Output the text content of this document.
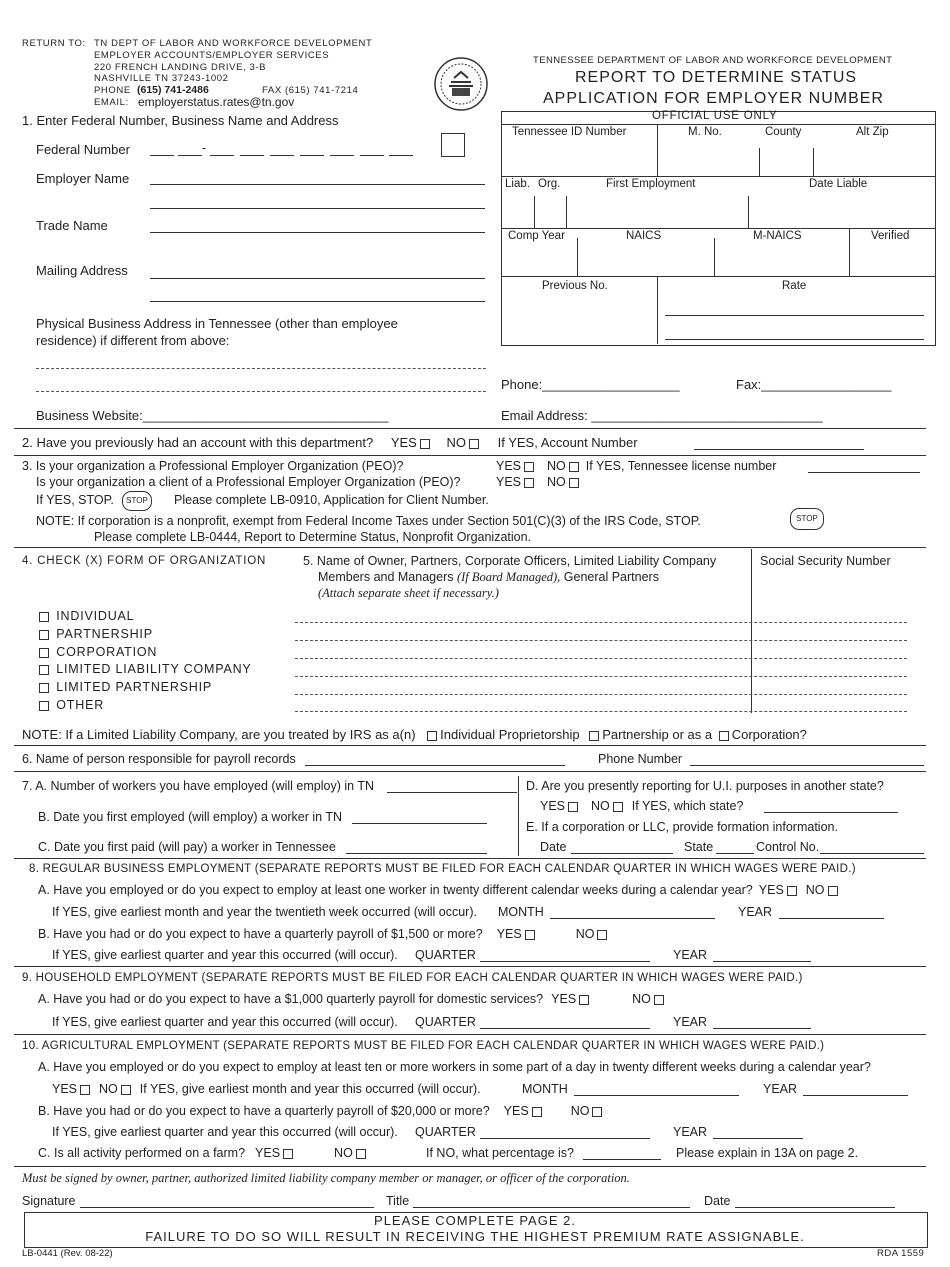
RETURN TO: TN DEPT OF LABOR AND WORKFORCE DEVELOPMENT
EMPLOYER ACCOUNTS/EMPLOYER SERVICES
220 FRENCH LANDING DRIVE, 3-B
NASHVILLE TN 37243-1002
PHONE (615) 741-2486	FAX (615) 741-7214
EMAIL: employerstatus.rates@tn.gov
TENNESSEE DEPARTMENT OF LABOR AND WORKFORCE DEVELOPMENT
REPORT TO DETERMINE STATUS
APPLICATION FOR EMPLOYER NUMBER
OFFICIAL USE ONLY
Tennessee ID Number	M. No.	County	Alt Zip
Liab. Org.	First Employment	Date Liable
Comp Year	NAICS	M-NAICS	Verified
Previous No.	Rate
1. Enter Federal Number, Business Name and Address
Federal Number	-
Employer Name
Trade Name
Mailing Address
Physical Business Address in Tennessee (other than employee
residence) if different from above:
Phone:___________________	Fax:__________________
Business Website:__________________________________	Email Address: ________________________________
2. Have you previously had an account with this department? YES NO If YES, Account Number
3. Is your organization a Professional Employer Organization (PEO)?
Is your organization a client of a Professional Employer Organization (PEO)?
YES NO If YES, Tennessee license number
YES NO
If YES, STOP.	STOP	Please complete LB-0910, Application for Client Number.
NOTE: If corporation is a nonprofit, exempt from Federal Income Taxes under Section 501(C)(3) of the IRS Code, STOP.	STOP
Please complete LB-0444, Report to Determine Status, Nonprofit Organization.
4. CHECK (X) FORM OF ORGANIZATION
INDIVIDUAL
PARTNERSHIP
CORPORATION
LIMITED LIABILITY COMPANY
LIMITED PARTNERSHIP
OTHER
5. Name of Owner, Partners, Corporate Officers, Limited Liability Company
Members and Managers (If Board Managed), General Partners
(Attach separate sheet if necessary.)
Social Security Number
NOTE: If a Limited Liability Company, are you treated by IRS as a(n) Individual Proprietorship Partnership or as a Corporation?
6. Name of person responsible for payroll records	Phone Number
7. A. Number of workers you have employed (will employ) in TN
B. Date you first employed (will employ) a worker in TN
C. Date you first paid (will pay) a worker in Tennessee
D. Are you presently reporting for U.I. purposes in another state?
YES NO If YES, which state?
E. If a corporation or LLC, provide formation information.
Date	State	Control No.
8. REGULAR BUSINESS EMPLOYMENT (SEPARATE REPORTS MUST BE FILED FOR EACH CALENDAR QUARTER IN WHICH WAGES WERE PAID.)
A. Have you employed or do you expect to employ at least one worker in twenty different calendar weeks during a calendar year? YES NO
If YES, give earliest month and year the twentieth week occurred (will occur). MONTH	YEAR
B. Have you had or do you expect to have a quarterly payroll of $1,500 or more? YES	NO
If YES, give earliest quarter and year this occurred (will occur). QUARTER	YEAR
9. HOUSEHOLD EMPLOYMENT (SEPARATE REPORTS MUST BE FILED FOR EACH CALENDAR QUARTER IN WHICH WAGES WERE PAID.)
A. Have you had or do you expect to have a $1,000 quarterly payroll for domestic services? YES	NO
If YES, give earliest quarter and year this occurred (will occur). QUARTER	YEAR
10. AGRICULTURAL EMPLOYMENT (SEPARATE REPORTS MUST BE FILED FOR EACH CALENDAR QUARTER IN WHICH WAGES WERE PAID.)
A. Have you employed or do you expect to employ at least ten or more workers in some part of a day in twenty different weeks during a calendar year?
YES NO If YES, give earliest month and year this occurred (will occur).	MONTH	YEAR
B. Have you had or do you expect to have a quarterly payroll of $20,000 or more? YES	NO
If YES, give earliest quarter and year this occurred (will occur). QUARTER	YEAR
C. Is all activity performed on a farm? YES	NO	If NO, what percentage is?	Please explain in 13A on page 2.
Must be signed by owner, partner, authorized limited liability company member or manager, or officer of the corporation.
Signature	Title	Date
PLEASE COMPLETE PAGE 2.
FAILURE TO DO SO WILL RESULT IN RECEIVING THE HIGHEST PREMIUM RATE ASSIGNABLE.
LB-0441 (Rev. 08-22)	RDA 1559
